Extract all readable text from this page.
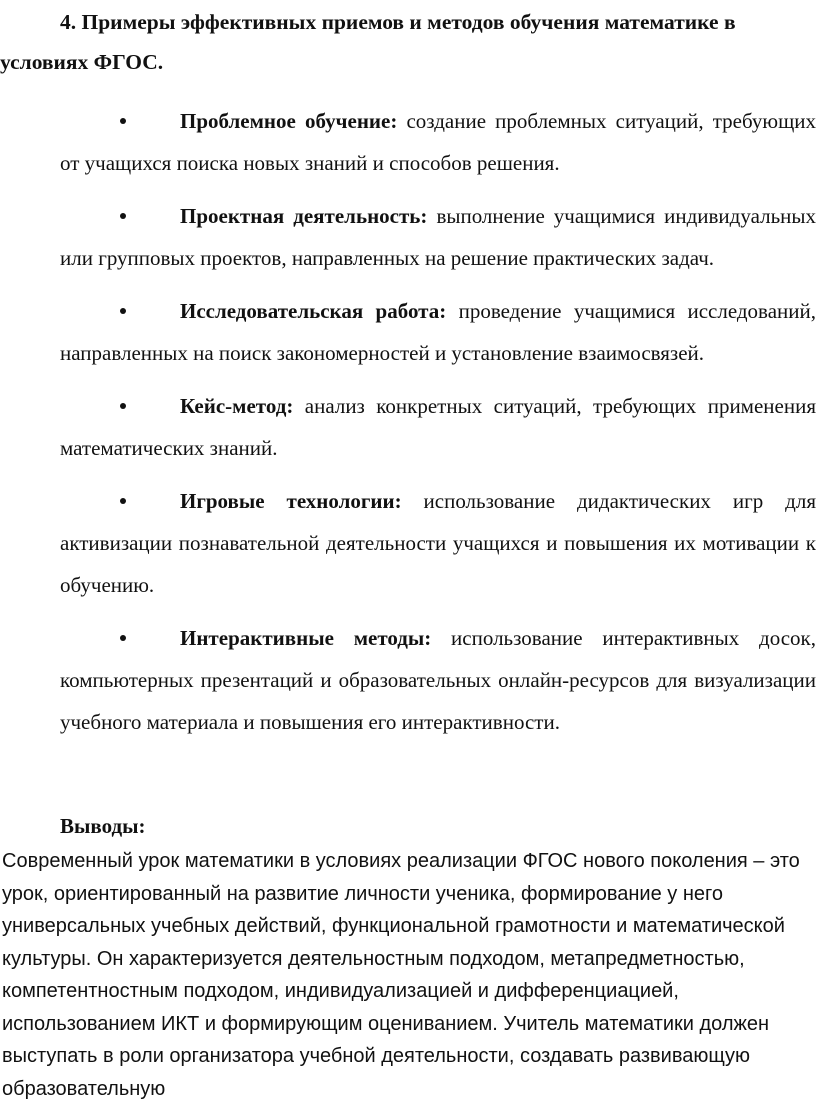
4. Примеры эффективных приемов и методов обучения математике в условиях ФГОС.

Проблемное обучение: создание проблемных ситуаций, требующих от учащихся поиска новых знаний и способов решения.

Проектная деятельность: выполнение учащимися индивидуальных или групповых проектов, направленных на решение практических задач.

Исследовательская работа: проведение учащимися исследований, направленных на поиск закономерностей и установление взаимосвязей.

Кейс-метод: анализ конкретных ситуаций, требующих применения математических знаний.

Игровые технологии: использование дидактических игр для активизации познавательной деятельности учащихся и повышения их мотивации к обучению.

Интерактивные методы: использование интерактивных досок, компьютерных презентаций и образовательных онлайн-ресурсов для визуализации учебного материала и повышения его интерактивности.

Выводы:

Современный урок математики в условиях реализации ФГОС нового поколения – это урок, ориентированный на развитие личности ученика, формирование у него универсальных учебных действий, функциональной грамотности и математической культуры. Он характеризуется деятельностным подходом, метапредметностью, компетентностным подходом, индивидуализацией и дифференциацией, использованием ИКТ и формирующим оцениванием. Учитель математики должен выступать в роли организатора учебной деятельности, создавать развивающую образовательную
